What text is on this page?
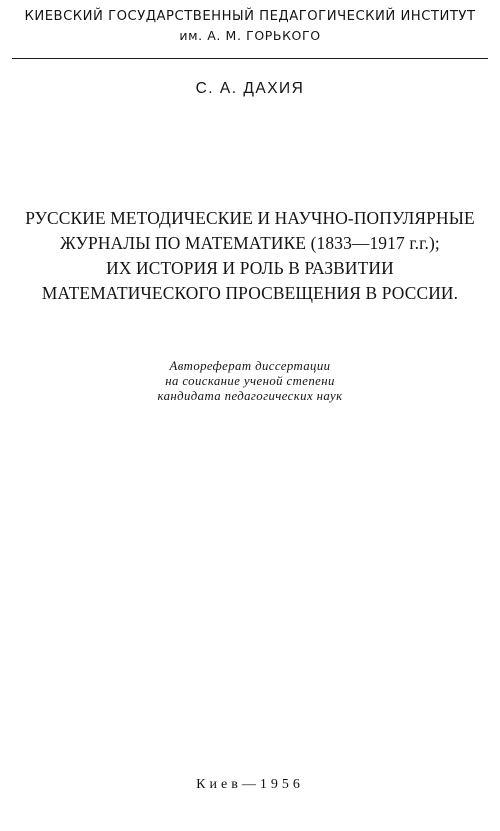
КИЕВСКИЙ ГОСУДАРСТВЕННЫЙ ПЕДАГОГИЧЕСКИЙ ИНСТИТУТ
им. А. М. ГОРЬКОГО
С. А. ДАХИЯ
РУССКИЕ МЕТОДИЧЕСКИЕ И НАУЧНО-ПОПУЛЯРНЫЕ
ЖУРНАЛЫ ПО МАТЕМАТИКЕ (1833—1917 г.г.);
ИХ ИСТОРИЯ И РОЛЬ В РАЗВИТИИ
МАТЕМАТИЧЕСКОГО ПРОСВЕЩЕНИЯ В РОССИИ.
Автореферат диссертации
на соискание ученой степени
кандидата педагогических наук
Киев—1956
